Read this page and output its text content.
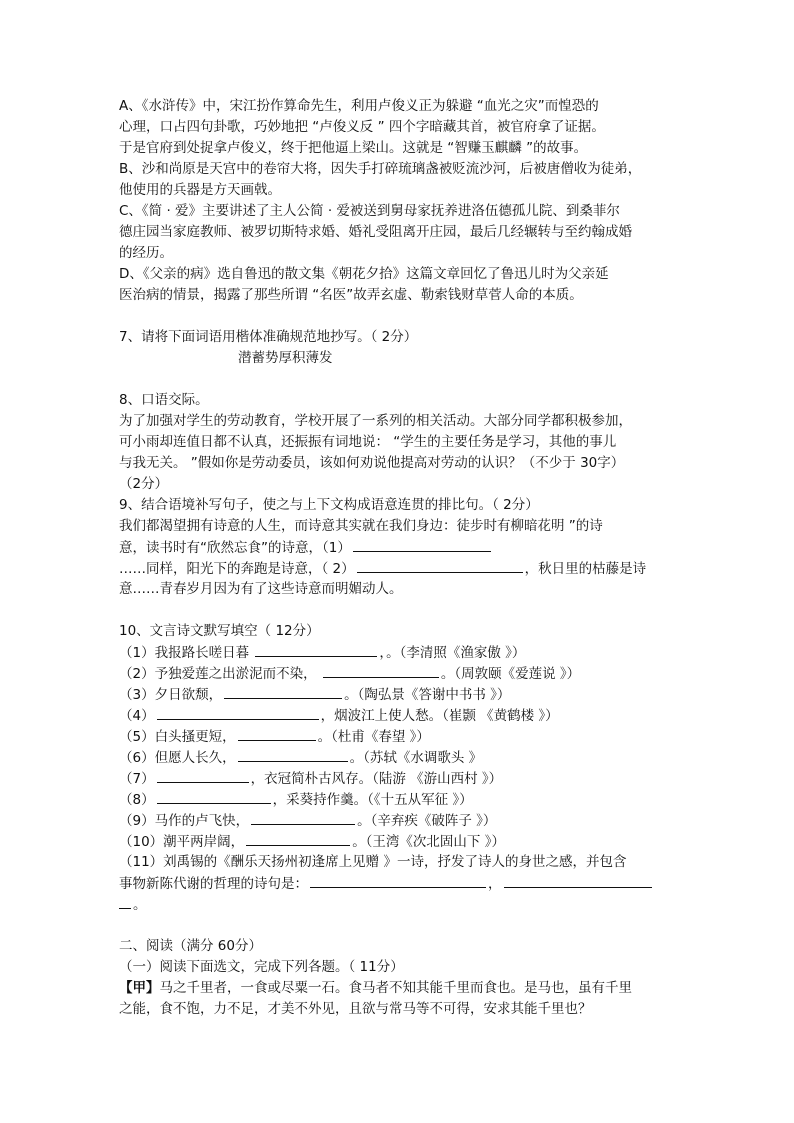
A、《水浒传》中，宋江扮作算命先生，利用卢俊义正为躲避 “血光之灾”而惶恐的
心理，口占四句卦歌，巧妙地把 “卢俊义反 ” 四个字暗藏其首，被官府拿了证据。
于是官府到处捉拿卢俊义，终于把他逼上梁山。这就是 “智赚玉麒麟 ”的故事。
B、沙和尚原是天宫中的卷帘大将，因失手打碎琉璃盏被贬流沙河，后被唐僧收为徒弟，
他使用的兵器是方天画戟。
C、《简 · 爱》主要讲述了主人公简 · 爱被送到舅母家抚养进洛伍德孤儿院、到桑菲尔
德庄园当家庭教师、被罗切斯特求婚、婚礼受阻离开庄园，最后几经辗转与至约翰成婚
的经历。
D、《父亲的病》选自鲁迅的散文集《朝花夕拾》这篇文章回忆了鲁迅儿时为父亲延
医治病的情景，揭露了那些所谓 “名医”故弄玄虚、勒索钱财草菅人命的本质。
7、请将下面词语用楷体准确规范地抄写。（ 2分）
潜蓄势厚积薄发
8、口语交际。
为了加强对学生的劳动教育，学校开展了一系列的相关活动。大部分同学都积极参加，
可小雨却连值日都不认真，还振振有词地说： “学生的主要任务是学习，其他的事儿
与我无关。 ”假如你是劳动委员，该如何劝说他提高对劳动的认识？（不少于 30字）
（2分）
9、结合语境补写句子，使之与上下文构成语意连贯的排比句。（ 2分）
我们都渴望拥有诗意的人生，而诗意其实就在我们身边：徒步时有柳暗花明 ”的诗
意，读书时有“欣然忘食”的诗意，（1）
……同样，阳光下的奔跑是诗意，（ 2）	，秋日里的枯藤是诗
意……青春岁月因为有了这些诗意而明媚动人。
10、文言诗文默写填空（ 12分）
（1）我报路长嗟日暮	，。（李清照《渔家傲 》）
（2）予独爱莲之出淤泥而不染，	。（周敦颐《爱莲说 》）
（3）夕日欲颓，	。（陶弘景《答谢中书书 》）
（4）	，烟波江上使人愁。（崔颢 《黄鹤楼 》）
（5）白头搔更短，	。（杜甫《春望 》）
（6）但愿人长久，	。（苏轼《水调歌头 》
（7）	，衣冠简朴古风存。（陆游 《游山西村 》）
（8）	，采葵持作羹。（《十五从军征 》）
（9）马作的卢飞快，	。（辛弃疾《破阵子 》）
（10）潮平两岸阔，	。（王湾《次北固山下 》）
（11）刘禹锡的《酬乐天扬州初逢席上见赠 》一诗，抒发了诗人的身世之感，并包含
事物新陈代谢的哲理的诗句是：	，
。
二、阅读（满分 60分）
（一）阅读下面选文，完成下列各题。（ 11分）
【甲】马之千里者，一食或尽粟一石。食马者不知其能千里而食也。是马也，虽有千里
之能，食不饱，力不足，才美不外见，且欲与常马等不可得，安求其能千里也？
